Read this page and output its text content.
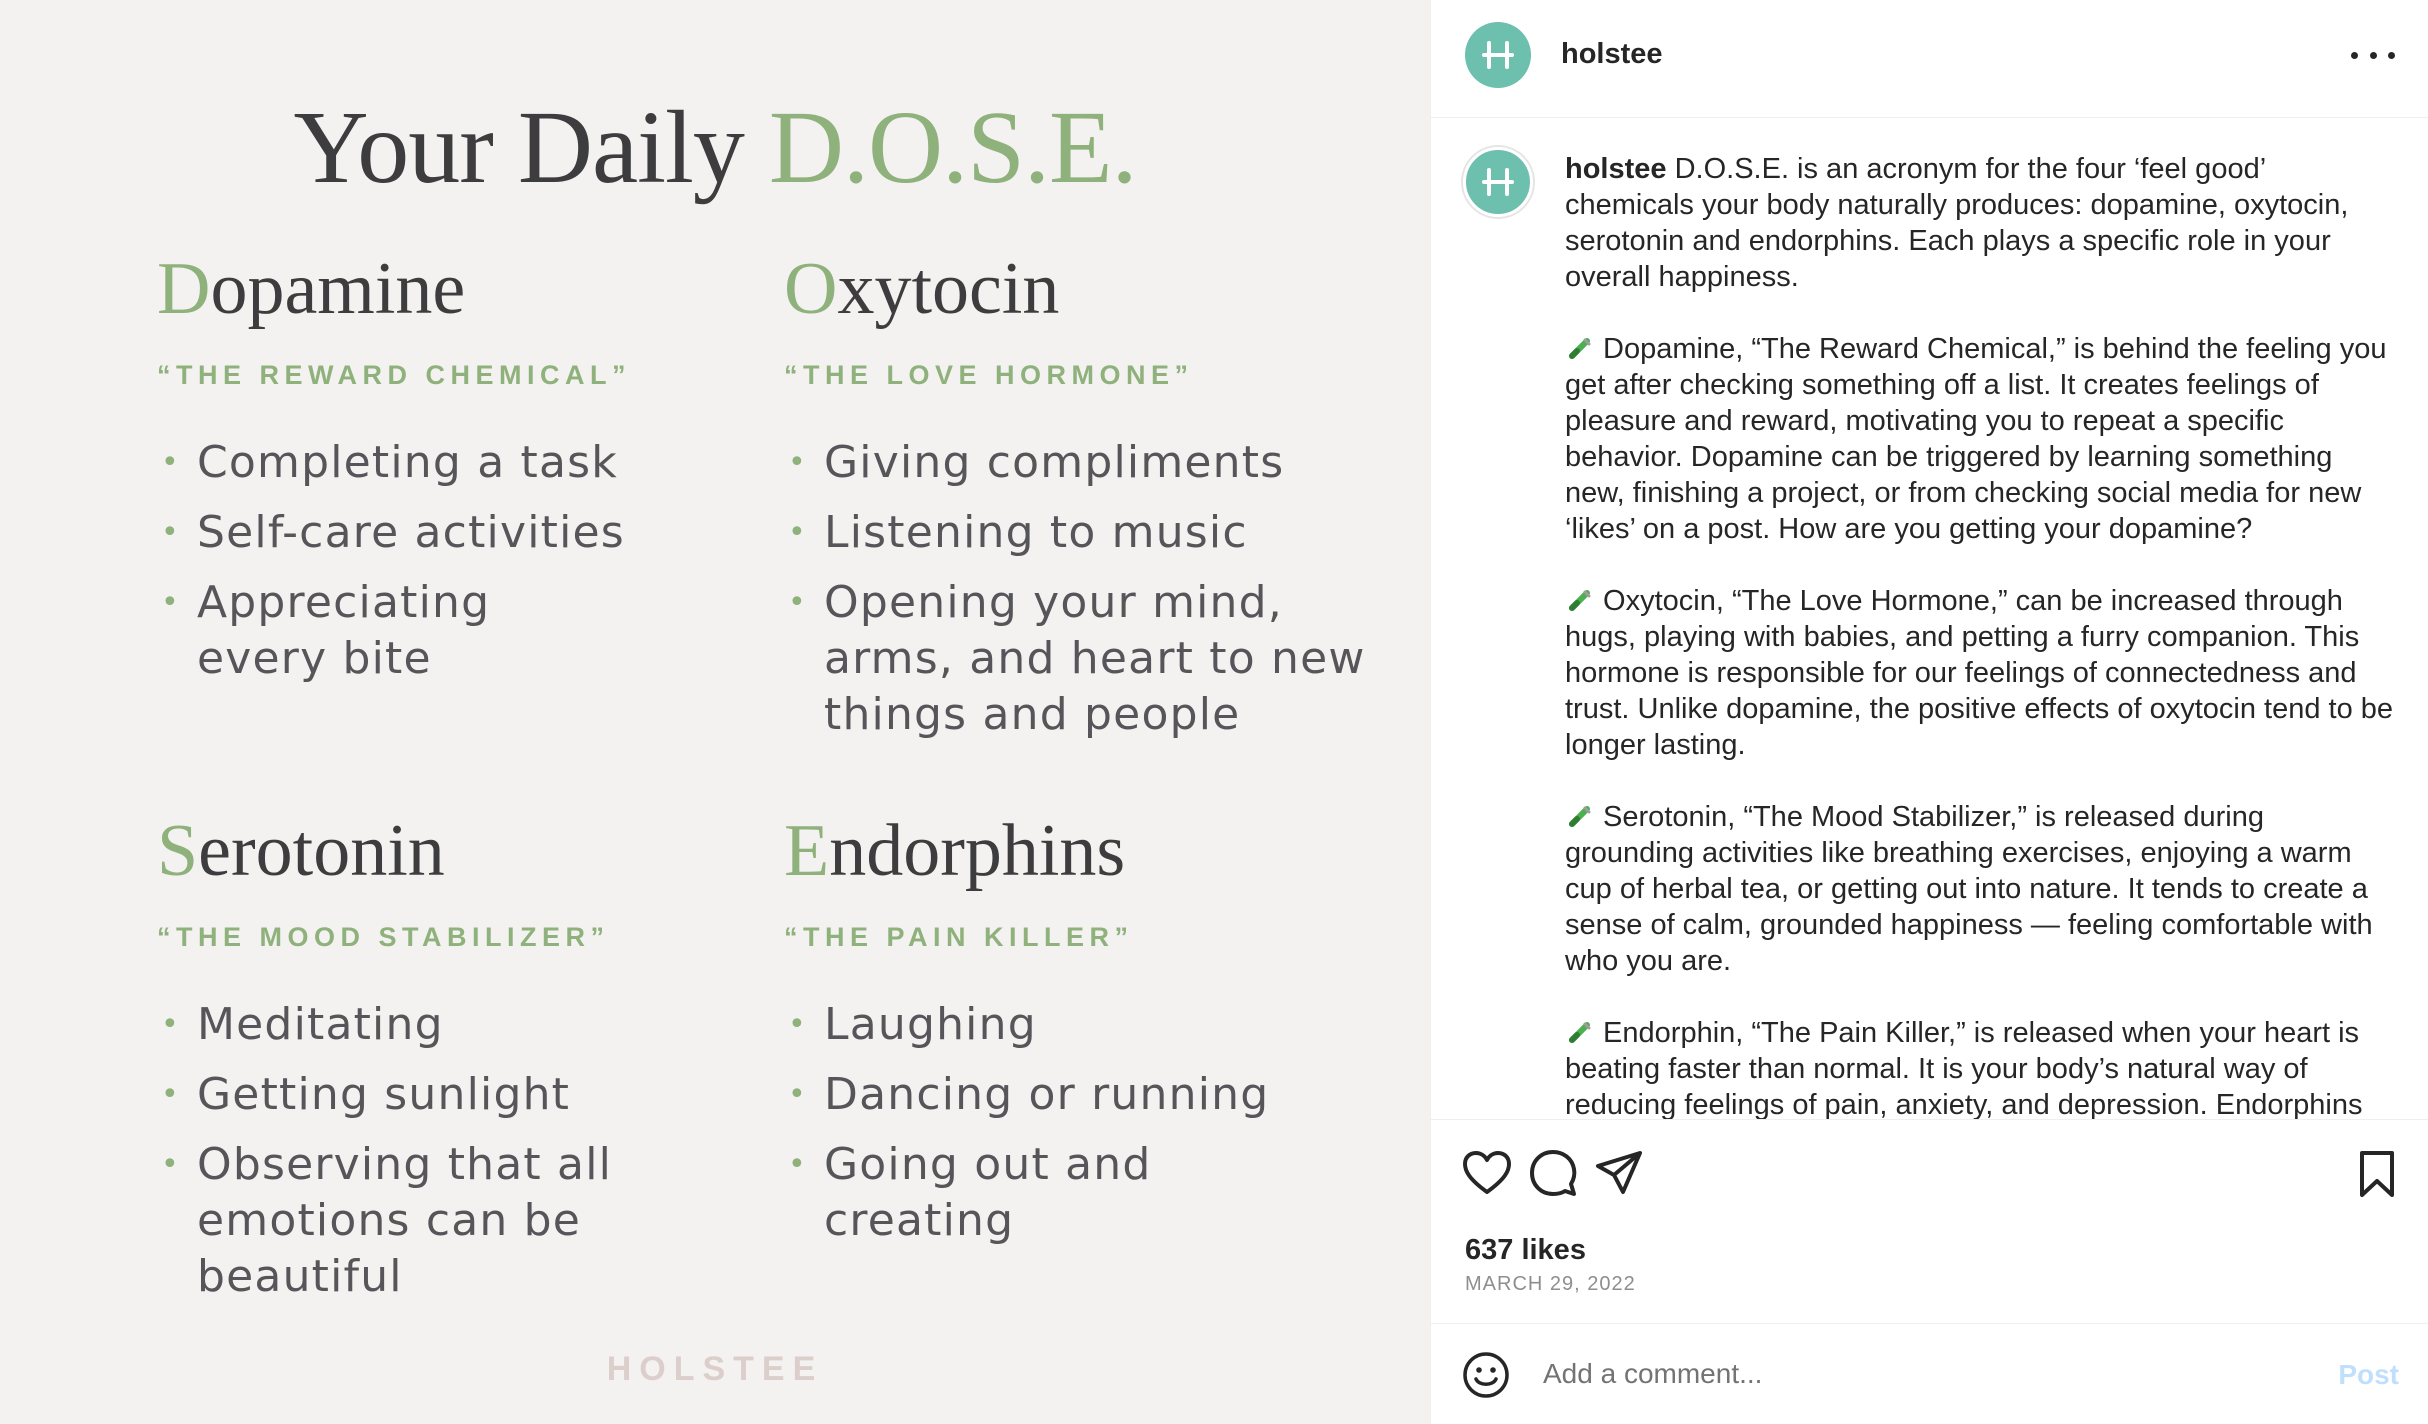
Your Daily D.O.S.E.
Dopamine
“THE REWARD CHEMICAL”
• Completing a task
• Self-care activities
• Appreciating
every bite
Oxytocin
“THE LOVE HORMONE”
• Giving compliments
• Listening to music
• Opening your mind,
arms, and heart to new
things and people
Serotonin
“THE MOOD STABILIZER”
• Meditating
• Getting sunlight
• Observing that all
emotions can be
beautiful
Endorphins
“THE PAIN KILLER”
• Laughing
• Dancing or running
• Going out and
creating
HOLSTEE
holstee

holstee D.O.S.E. is an acronym for the four ‘feel good’ chemicals your body naturally produces: dopamine, oxytocin, serotonin and endorphins. Each plays a specific role in your overall happiness.

Dopamine, “The Reward Chemical,” is behind the feeling you get after checking something off a list. It creates feelings of pleasure and reward, motivating you to repeat a specific behavior. Dopamine can be triggered by learning something new, finishing a project, or from checking social media for new ‘likes’ on a post. How are you getting your dopamine?

Oxytocin, “The Love Hormone,” can be increased through hugs, playing with babies, and petting a furry companion. This hormone is responsible for our feelings of connectedness and trust. Unlike dopamine, the positive effects of oxytocin tend to be longer lasting.

Serotonin, “The Mood Stabilizer,” is released during grounding activities like breathing exercises, enjoying a warm cup of herbal tea, or getting out into nature. It tends to create a sense of calm, grounded happiness — feeling comfortable with who you are.

Endorphin, “The Pain Killer,” is released when your heart is beating faster than normal. It is your body’s natural way of reducing feelings of pain, anxiety, and depression. Endorphins

637 likes
MARCH 29, 2022
Add a comment...
Post
